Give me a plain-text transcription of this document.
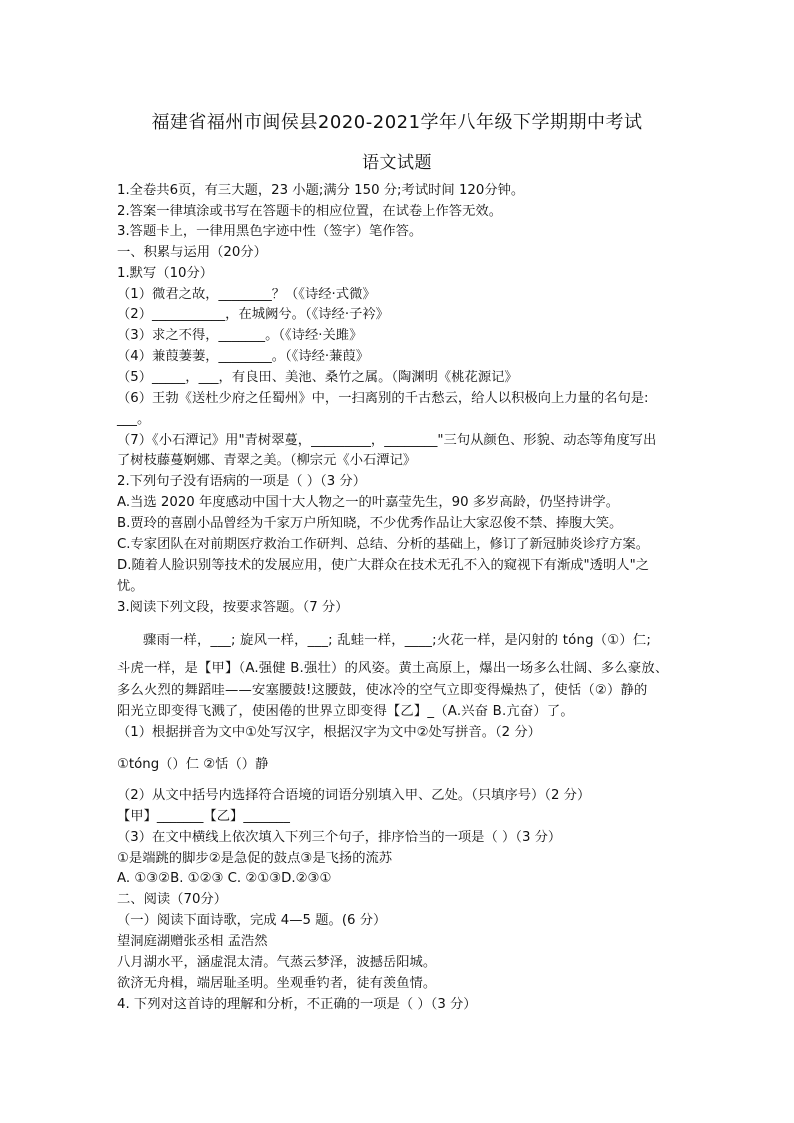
福建省福州市闽侯县2020-2021学年八年级下学期期中考试
语文试题
1.全卷共6页，有三大题，23 小题;满分 150 分;考试时间 120分钟。
2.答案一律填涂或书写在答题卡的相应位置，在试卷上作答无效。
3.答题卡上，一律用黑色字迹中性（签字）笔作答。
一、积累与运用（20分）
1.默写（10分）
（1）微君之故，________？（《诗经·式微》
（2）___________，在城阙兮。（《诗经·子衿》
（3）求之不得，_______。（《诗经·关雎》
（4）兼葭萋萋，________。（《诗经·蒹葭》
（5）_____，___，有良田、美池、桑竹之属。（陶渊明《桃花源记》
（6）王勃《送杜少府之任蜀州》中，一扫离别的千古愁云，给人以积极向上力量的名句是:
___。
（7）《小石潭记》用"青树翠蔓，_________，________"三句从颜色、形貌、动态等角度写出
了树枝藤蔓婀娜、青翠之美。（柳宗元《小石潭记》
2.下列句子没有语病的一项是（ ）（3 分）
A.当选 2020 年度感动中国十大人物之一的叶嘉莹先生，90 多岁高龄，仍坚持讲学。
B.贾玲的喜剧小品曾经为千家万户所知晓，不少优秀作品让大家忍俊不禁、捧腹大笑。
C.专家团队在对前期医疗救治工作研判、总结、分析的基础上，修订了新冠肺炎诊疗方案。
D.随着人脸识别等技术的发展应用，使广大群众在技术无孔不入的窥视下有渐成"透明人"之
忧。
3.阅读下列文段，按要求答题。（7 分）
骤雨一样，___; 旋风一样，___; 乱蛙一样，____;火花一样，是闪射的 tóng（①）仁;
斗虎一样，是【甲】（A.强健 B.强壮）的风姿。黄土高原上，爆出一场多么壮阔、多么豪放、
多么火烈的舞蹈哇——安塞腰鼓!这腰鼓，使冰冷的空气立即变得燥热了，使恬（②）静的
阳光立即变得飞溅了，使困倦的世界立即变得【乙】_（A.兴奋 B.亢奋）了。
（1）根据拼音为文中①处写汉字，根据汉字为文中②处写拼音。（2 分）
①tóng（）仁 ②恬（）静
（2）从文中括号内选择符合语境的词语分别填入甲、乙处。（只填序号）（2 分）
【甲】_______【乙】_______
（3）在文中横线上依次填入下列三个句子，排序恰当的一项是（ ）（3 分）
①是端跳的脚步②是急促的鼓点③是飞扬的流苏
A. ①③②B. ①②③ C. ②①③D.②③①
二、阅读（70分）
（一）阅读下面诗歌，完成 4—5 题。(6 分）
望洞庭湖赠张丞相 孟浩然
八月湖水平，涵虚混太清。气蒸云梦泽，波撼岳阳城。
欲济无舟楫，端居耻圣明。坐观垂钓者，徒有羡鱼情。
4. 下列对这首诗的理解和分析，不正确的一项是（ ）（3 分）
